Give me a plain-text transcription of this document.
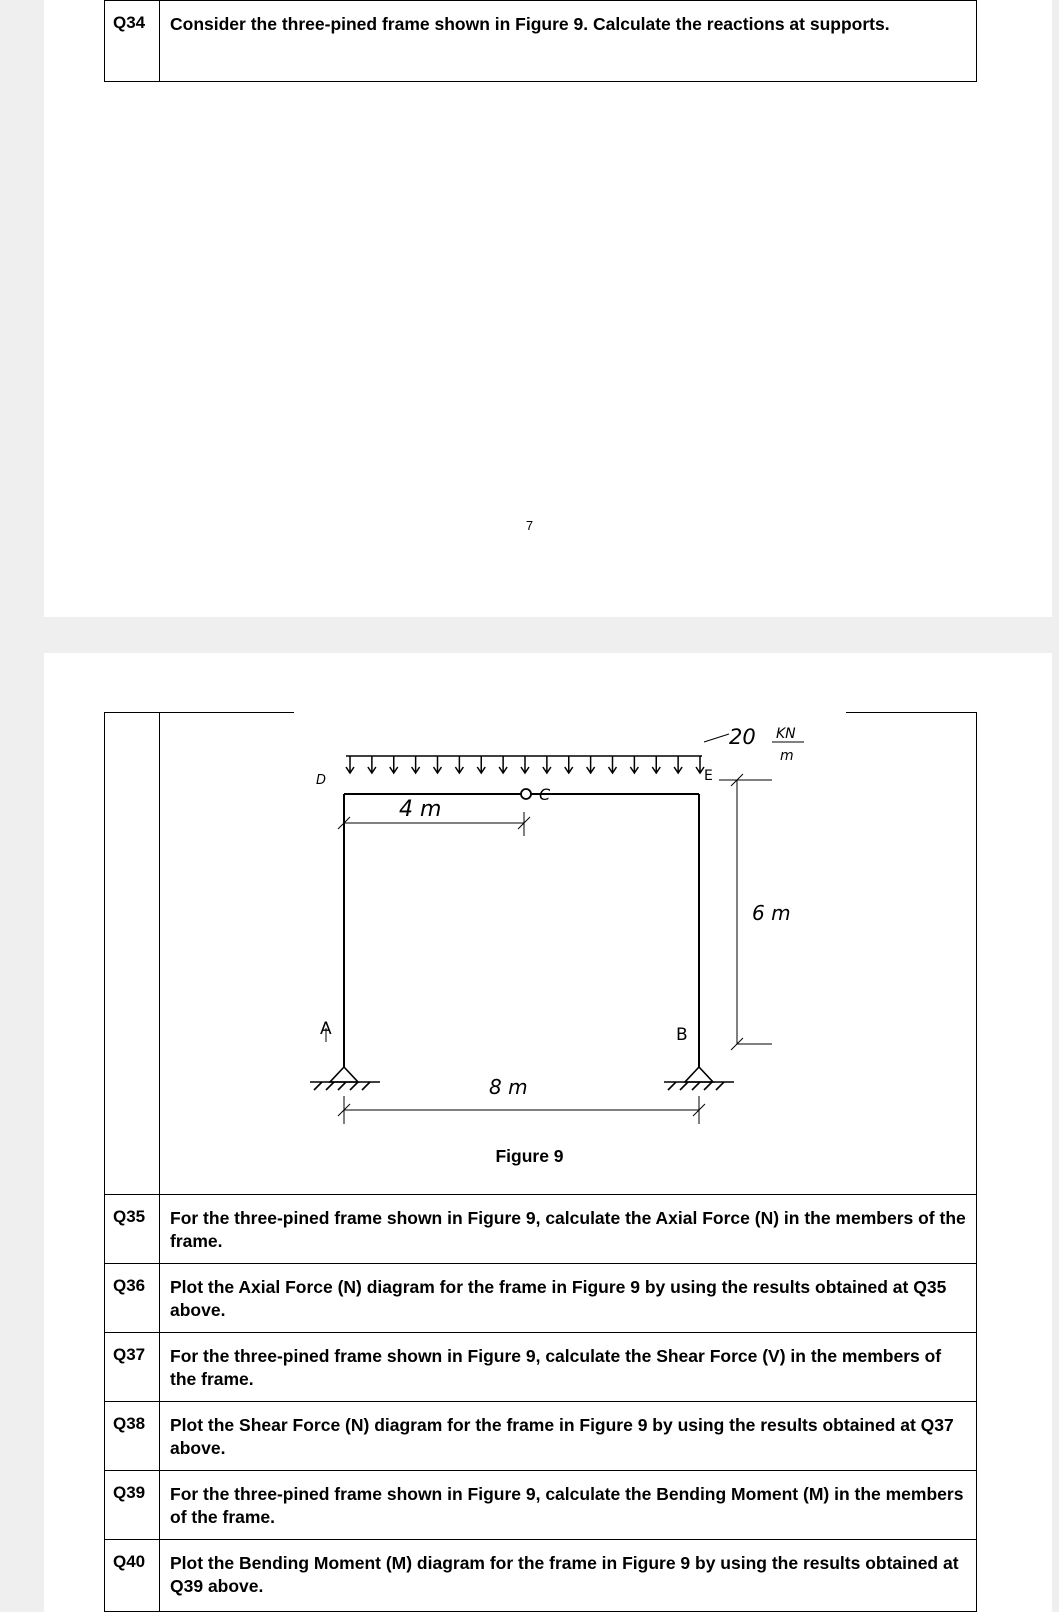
Q34	Consider the three-pined frame shown in Figure 9. Calculate the reactions at supports.
7
20 KN
m
D
C
E
B
A
4 m
6 m
8 m
Figure 9
Q35	For the three-pined frame shown in Figure 9, calculate the Axial Force (N) in the members of the frame.
Q36	Plot the Axial Force (N) diagram for the frame in Figure 9 by using the results obtained at Q35 above.
Q37	For the three-pined frame shown in Figure 9, calculate the Shear Force (V) in the members of the frame.
Q38	Plot the Shear Force (N) diagram for the frame in Figure 9 by using the results obtained at Q37 above.
Q39	For the three-pined frame shown in Figure 9, calculate the Bending Moment (M) in the members of the frame.
Q40	Plot the Bending Moment (M) diagram for the frame in Figure 9 by using the results obtained at Q39 above.
